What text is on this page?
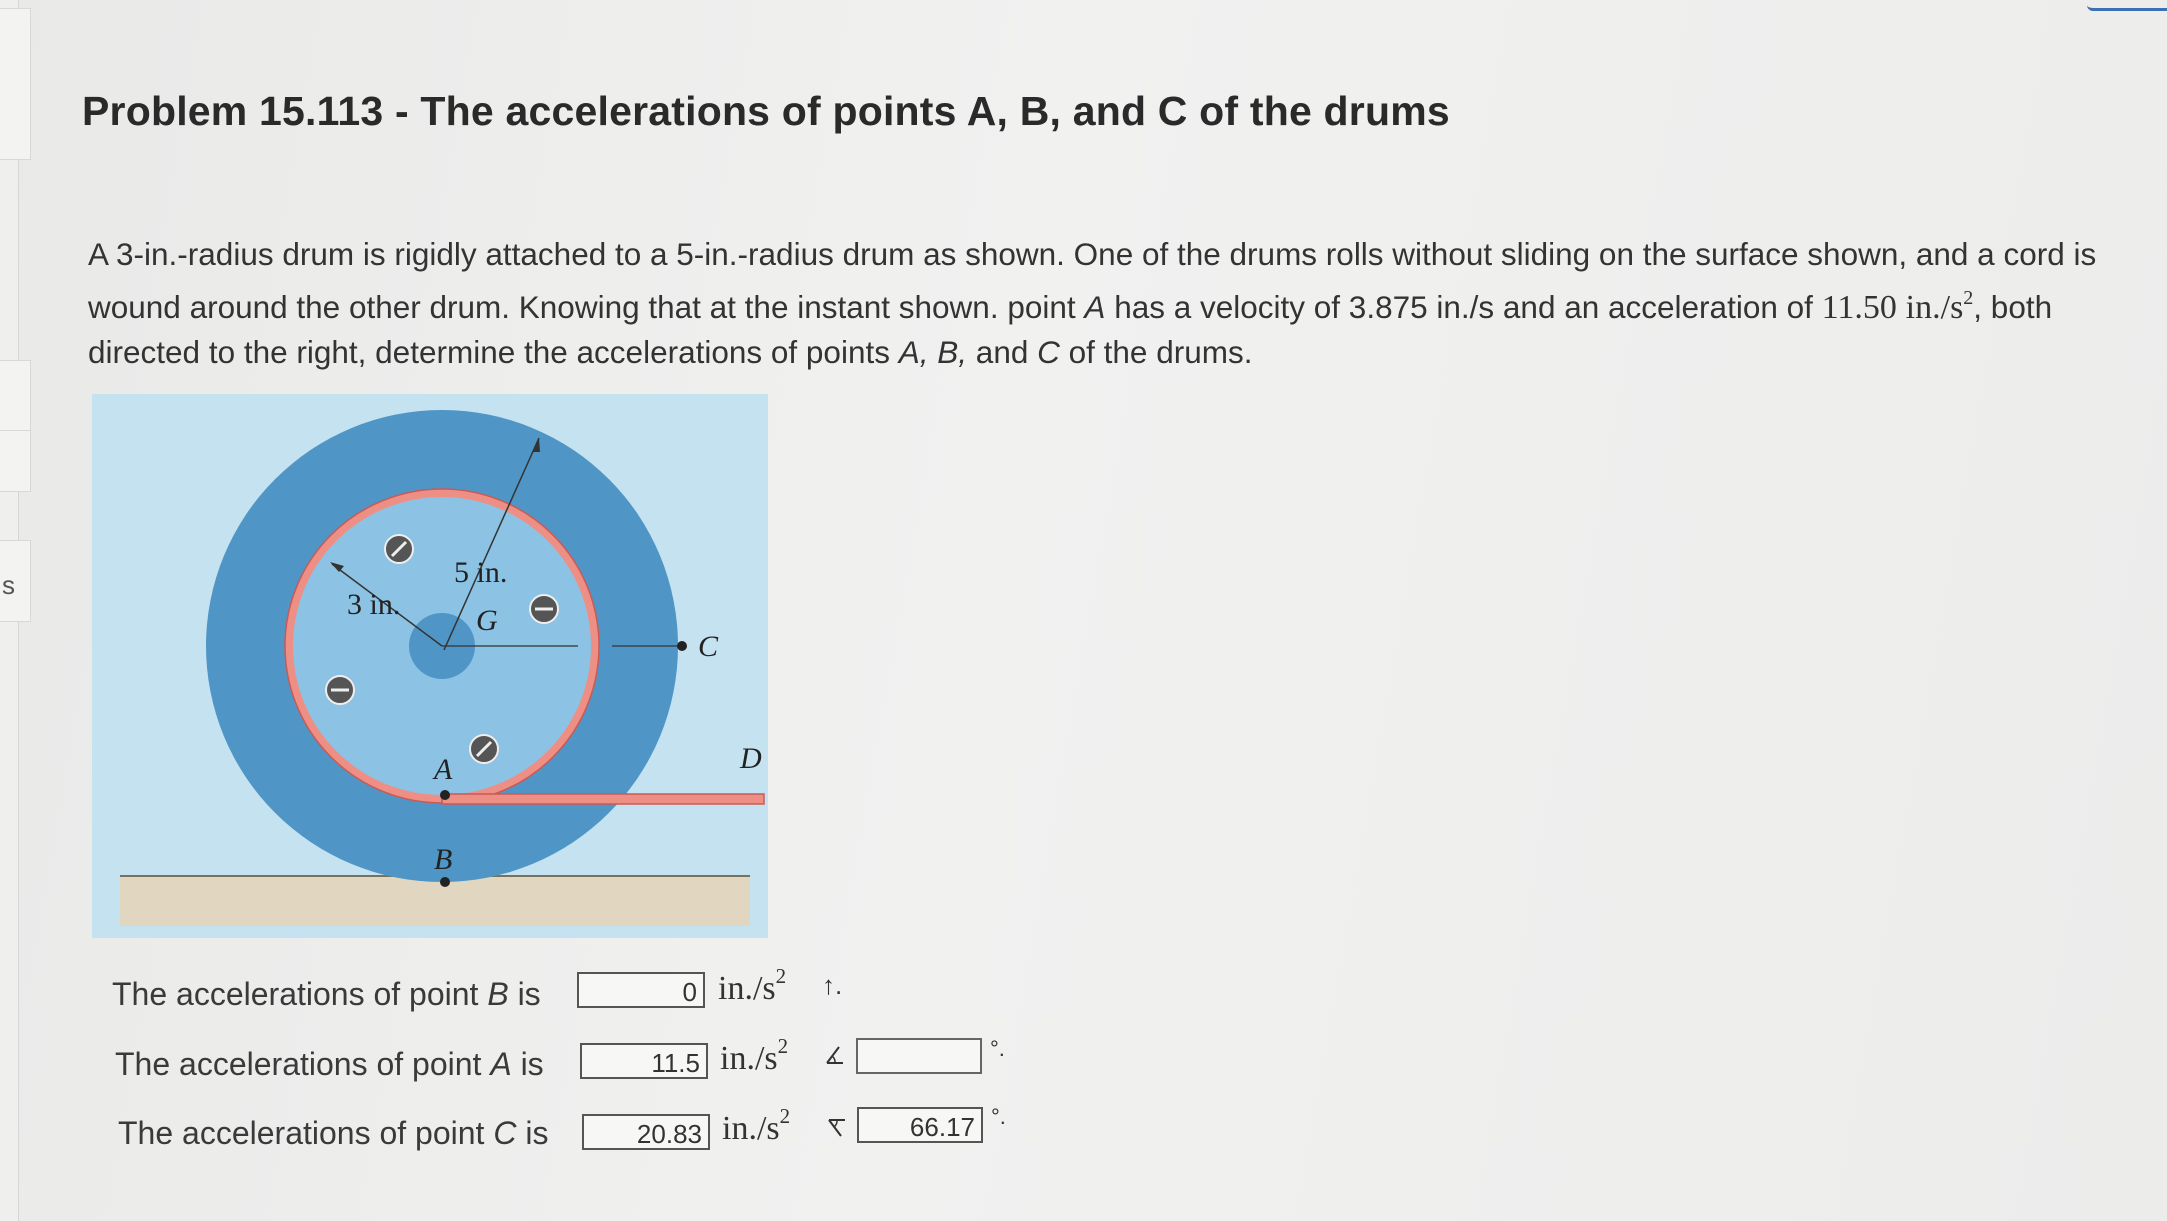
s
Problem 15.113 - The accelerations of points A, B, and C of the drums

A 3-in.-radius drum is rigidly attached to a 5-in.-radius drum as shown. One of the drums rolls without sliding on the surface shown, and a cord is wound around the other drum. Knowing that at the instant shown. point A has a velocity of 3.875 in./s and an acceleration of 11.50 $in./s^2$, both directed to the right, determine the accelerations of points A, B, and C of the drums.

3 in.
5 in.
G
C
D
A
B
The accelerations of point B is	0 $in./s^2$ ↑.
The accelerations of point A is	11.5 $in./s^2$	°.
The accelerations of point C is	20.83 $in./s^2$	66.17 °.
